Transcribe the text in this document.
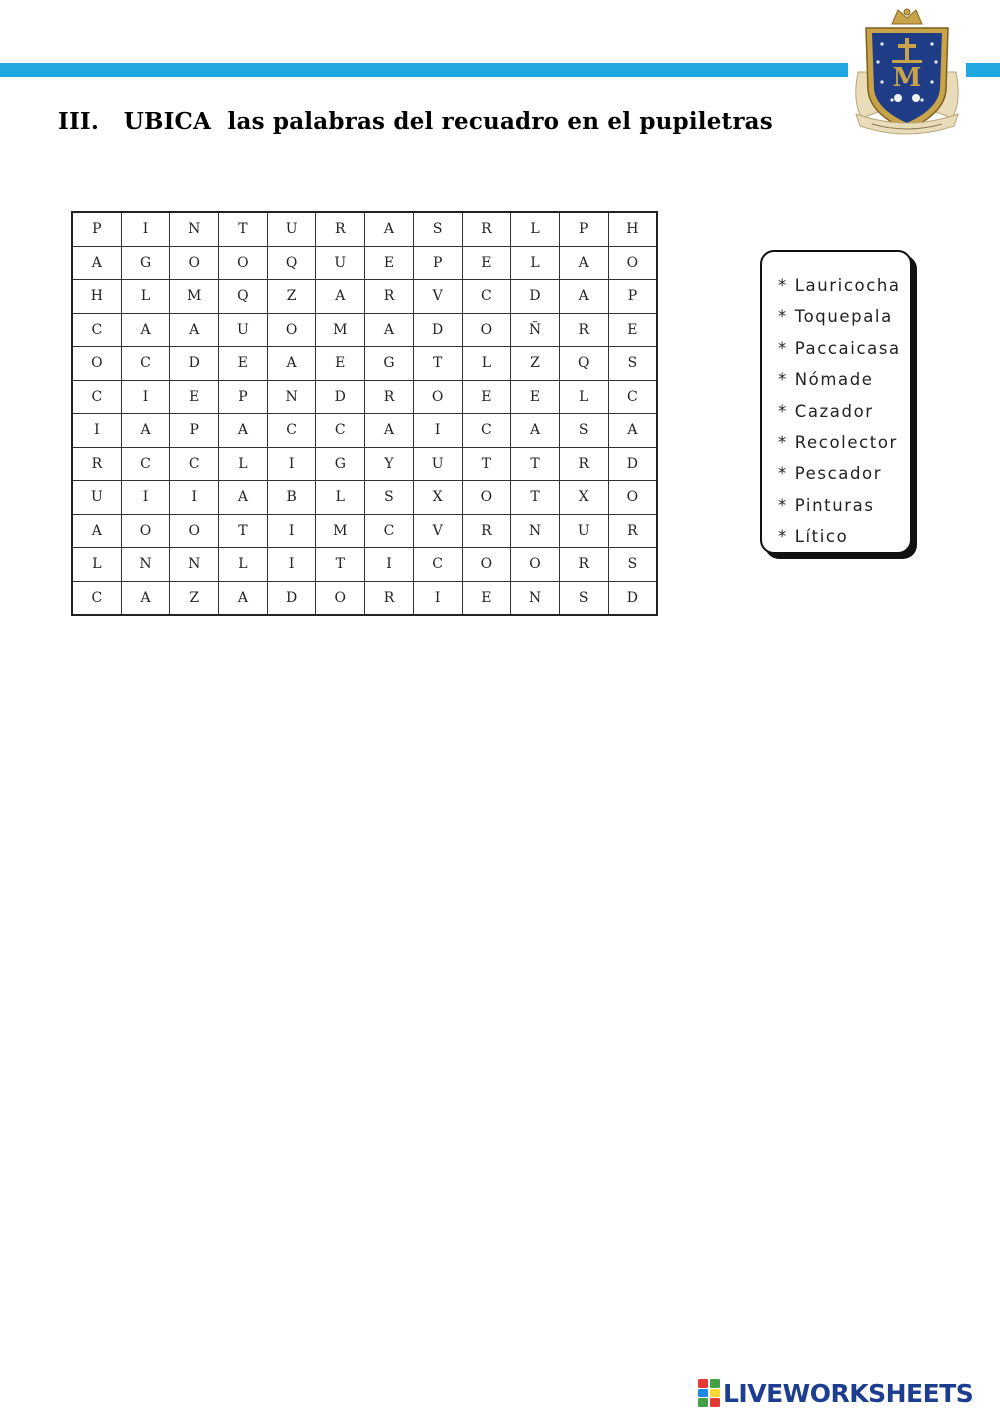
M
III.   UBICA  las palabras del recuadro en el pupiletras
P	I	N	T	U	R	A	S	R	L	P	H
A	G	O	O	Q	U	E	P	E	L	A	O
H	L	M	Q	Z	A	R	V	C	D	A	P
C	A	A	U	O	M	A	D	O	Ñ	R	E
O	C	D	E	A	E	G	T	L	Z	Q	S
C	I	E	P	N	D	R	O	E	E	L	C
I	A	P	A	C	C	A	I	C	A	S	A
R	C	C	L	I	G	Y	U	T	T	R	D
U	I	I	A	B	L	S	X	O	T	X	O
A	O	O	T	I	M	C	V	R	N	U	R
L	N	N	L	I	T	I	C	O	O	R	S
C	A	Z	A	D	O	R	I	E	N	S	D
* Lauricocha
* Toquepala
* Paccaicasa
* Nómade
* Cazador
* Recolector
* Pescador
* Pinturas
* Lítico
LIVEWORKSHEETS
